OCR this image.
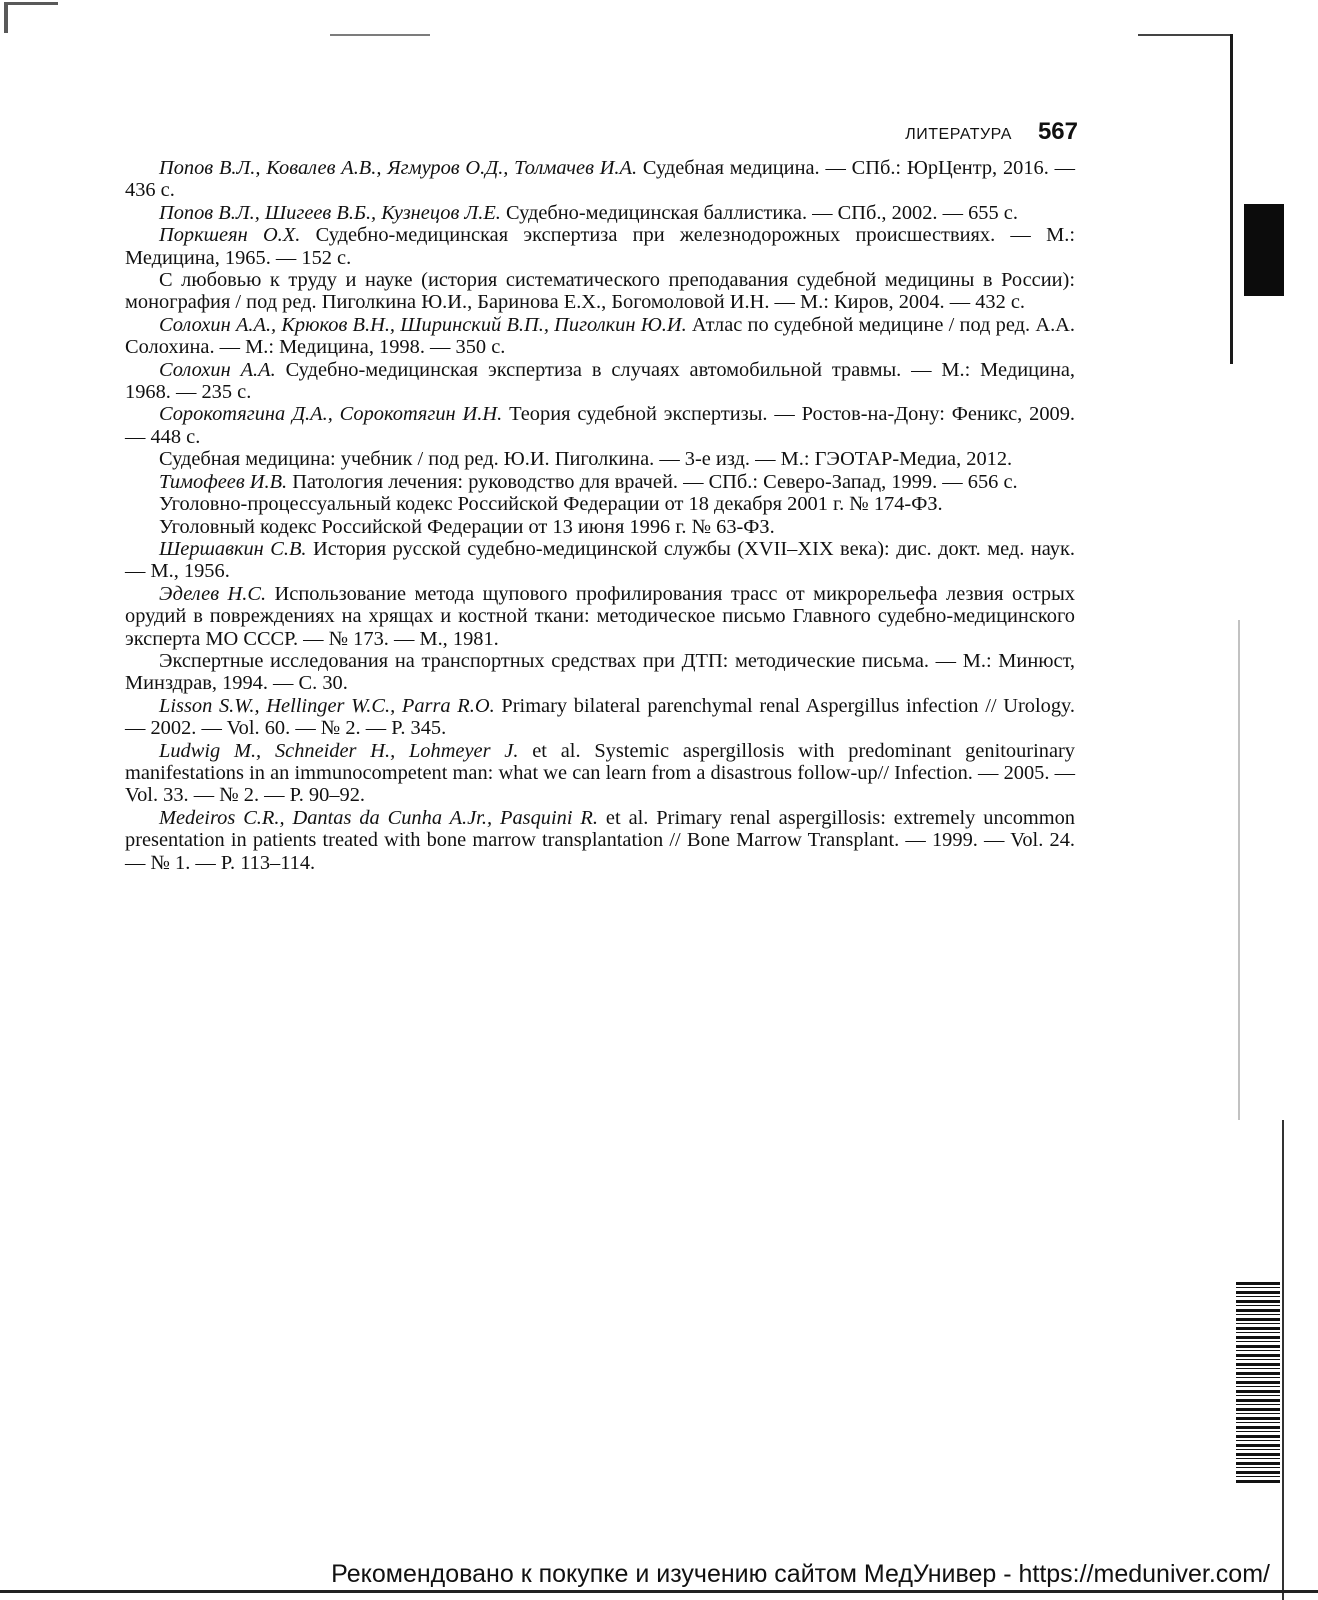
ЛИТЕРАТУРА 567
Попов В.Л., Ковалев А.В., Ягмуров О.Д., Толмачев И.А. Судебная медицина. — СПб.: ЮрЦентр, 2016. — 436 с.
Попов В.Л., Шигеев В.Б., Кузнецов Л.Е. Судебно-медицинская баллистика. — СПб., 2002. — 655 с.
Поркшеян О.Х. Судебно-медицинская экспертиза при железнодорожных происшествиях. — М.: Медицина, 1965. — 152 с.
С любовью к труду и науке (история систематического преподавания судебной медицины в России): монография / под ред. Пиголкина Ю.И., Баринова Е.Х., Богомоловой И.Н. — М.: Киров, 2004. — 432 с.
Солохин А.А., Крюков В.Н., Ширинский В.П., Пиголкин Ю.И. Атлас по судебной медицине / под ред. А.А. Солохина. — М.: Медицина, 1998. — 350 с.
Солохин А.А. Судебно-медицинская экспертиза в случаях автомобильной травмы. — М.: Медицина, 1968. — 235 с.
Сорокотягина Д.А., Сорокотягин И.Н. Теория судебной экспертизы. — Ростов-на-Дону: Феникс, 2009. — 448 с.
Судебная медицина: учебник / под ред. Ю.И. Пиголкина. — 3-е изд. — М.: ГЭОТАР-Медиа, 2012.
Тимофеев И.В. Патология лечения: руководство для врачей. — СПб.: Северо-Запад, 1999. — 656 с.
Уголовно-процессуальный кодекс Российской Федерации от 18 декабря 2001 г. № 174-ФЗ.
Уголовный кодекс Российской Федерации от 13 июня 1996 г. № 63-ФЗ.
Шершавкин С.В. История русской судебно-медицинской службы (XVII–XIX века): дис. докт. мед. наук. — М., 1956.
Эделев Н.С. Использование метода щупового профилирования трасс от микрорельефа лезвия острых орудий в повреждениях на хрящах и костной ткани: методическое письмо Главного судебно-медицинского эксперта МО СССР. — № 173. — М., 1981.
Экспертные исследования на транспортных средствах при ДТП: методические письма. — М.: Минюст, Минздрав, 1994. — С. 30.
Lisson S.W., Hellinger W.C., Parra R.O. Primary bilateral parenchymal renal Aspergillus infection // Urology. — 2002. — Vol. 60. — № 2. — P. 345.
Ludwig M., Schneider H., Lohmeyer J. et al. Systemic aspergillosis with predominant genitourinary manifestations in an immunocompetent man: what we can learn from a disastrous follow-up// Infection. — 2005. — Vol. 33. — № 2. — P. 90–92.
Medeiros C.R., Dantas da Cunha A.Jr., Pasquini R. et al. Primary renal aspergillosis: extremely uncommon presentation in patients treated with bone marrow transplantation // Bone Marrow Transplant. — 1999. — Vol. 24. — № 1. — P. 113–114.
Рекомендовано к покупке и изучению сайтом МедУнивер - https://meduniver.com/
